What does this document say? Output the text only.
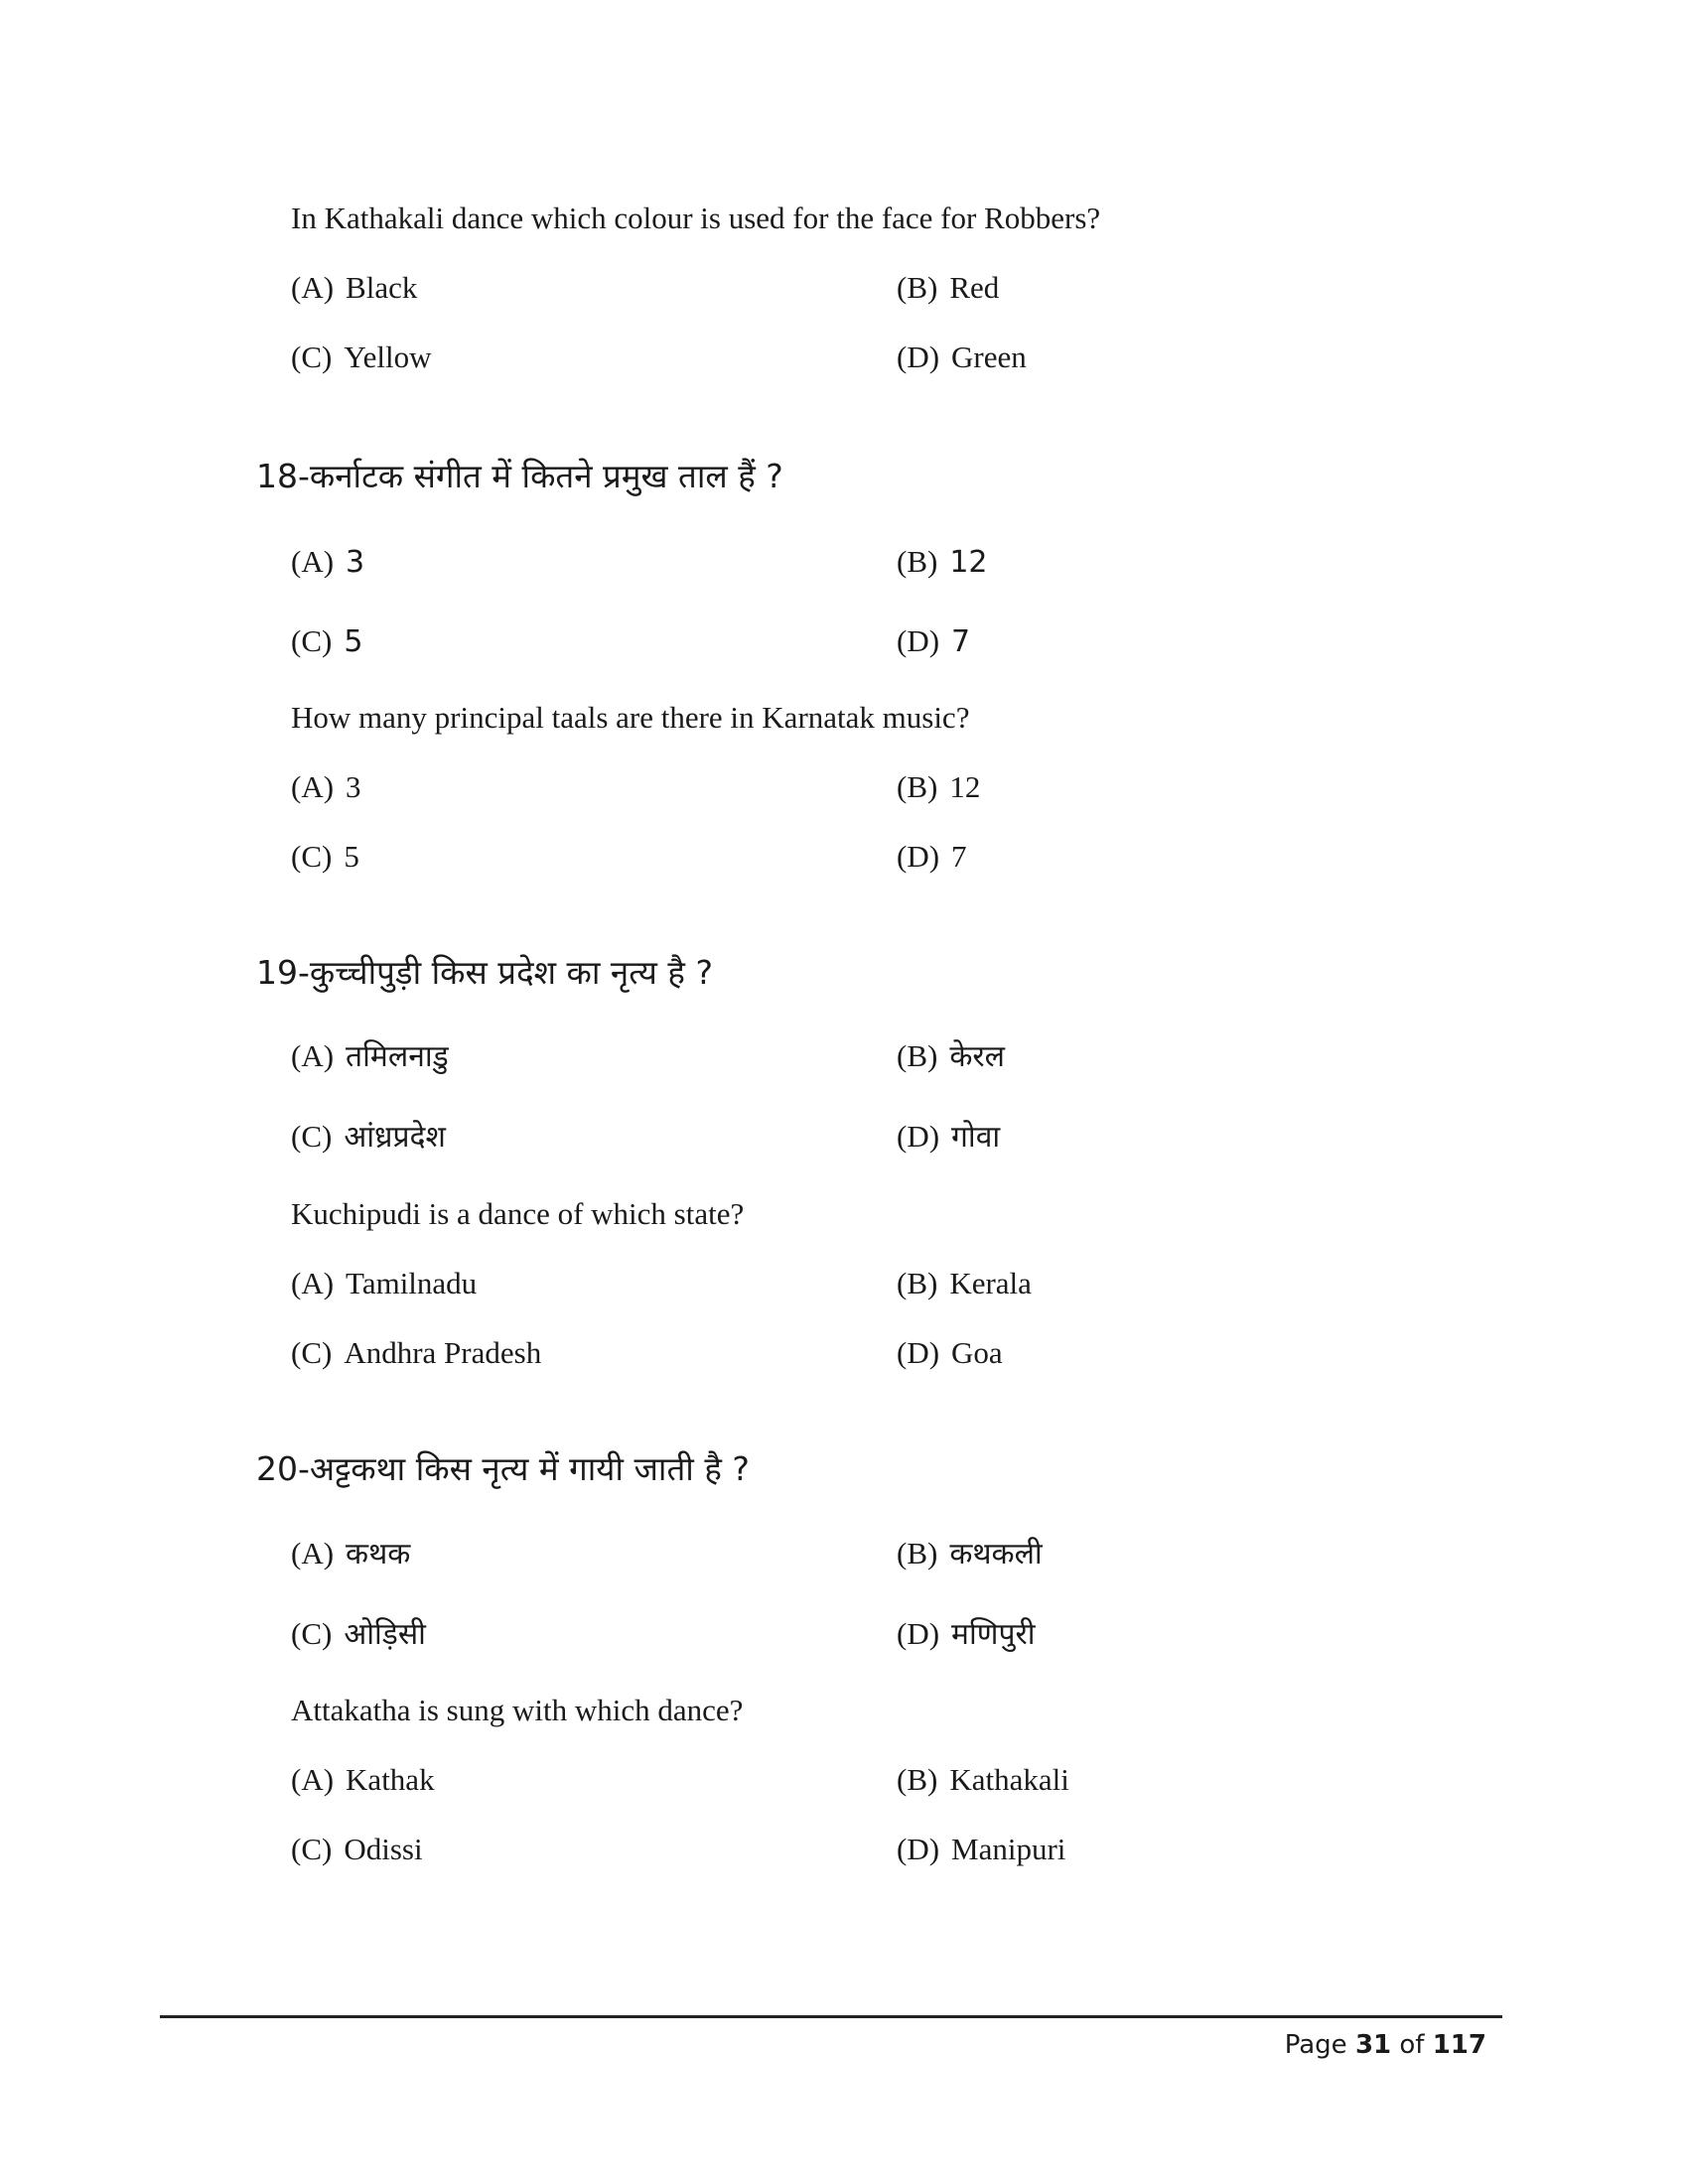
In Kathakali dance which colour is used for the face for Robbers?
(A) Black	(B) Red
(C) Yellow	(D) Green
18-कर्नाटक संगीत में कितने प्रमुख ताल हैं ?
(A) 3	(B) 12
(C) 5	(D) 7
How many principal taals are there in Karnatak music?
(A) 3	(B) 12
(C) 5	(D) 7
19-कुच्चीपुड़ी किस प्रदेश का नृत्य है ?
(A) तमिलनाडु	(B) केरल
(C) आंध्रप्रदेश	(D) गोवा
Kuchipudi is a dance of which state?
(A) Tamilnadu	(B) Kerala
(C) Andhra Pradesh	(D) Goa
20-अट्टकथा किस नृत्य में गायी जाती है ?
(A) कथक	(B) कथकली
(C) ओड़िसी	(D) मणिपुरी
Attakatha is sung with which dance?
(A) Kathak	(B) Kathakali
(C) Odissi	(D) Manipuri
Page 31 of 117
